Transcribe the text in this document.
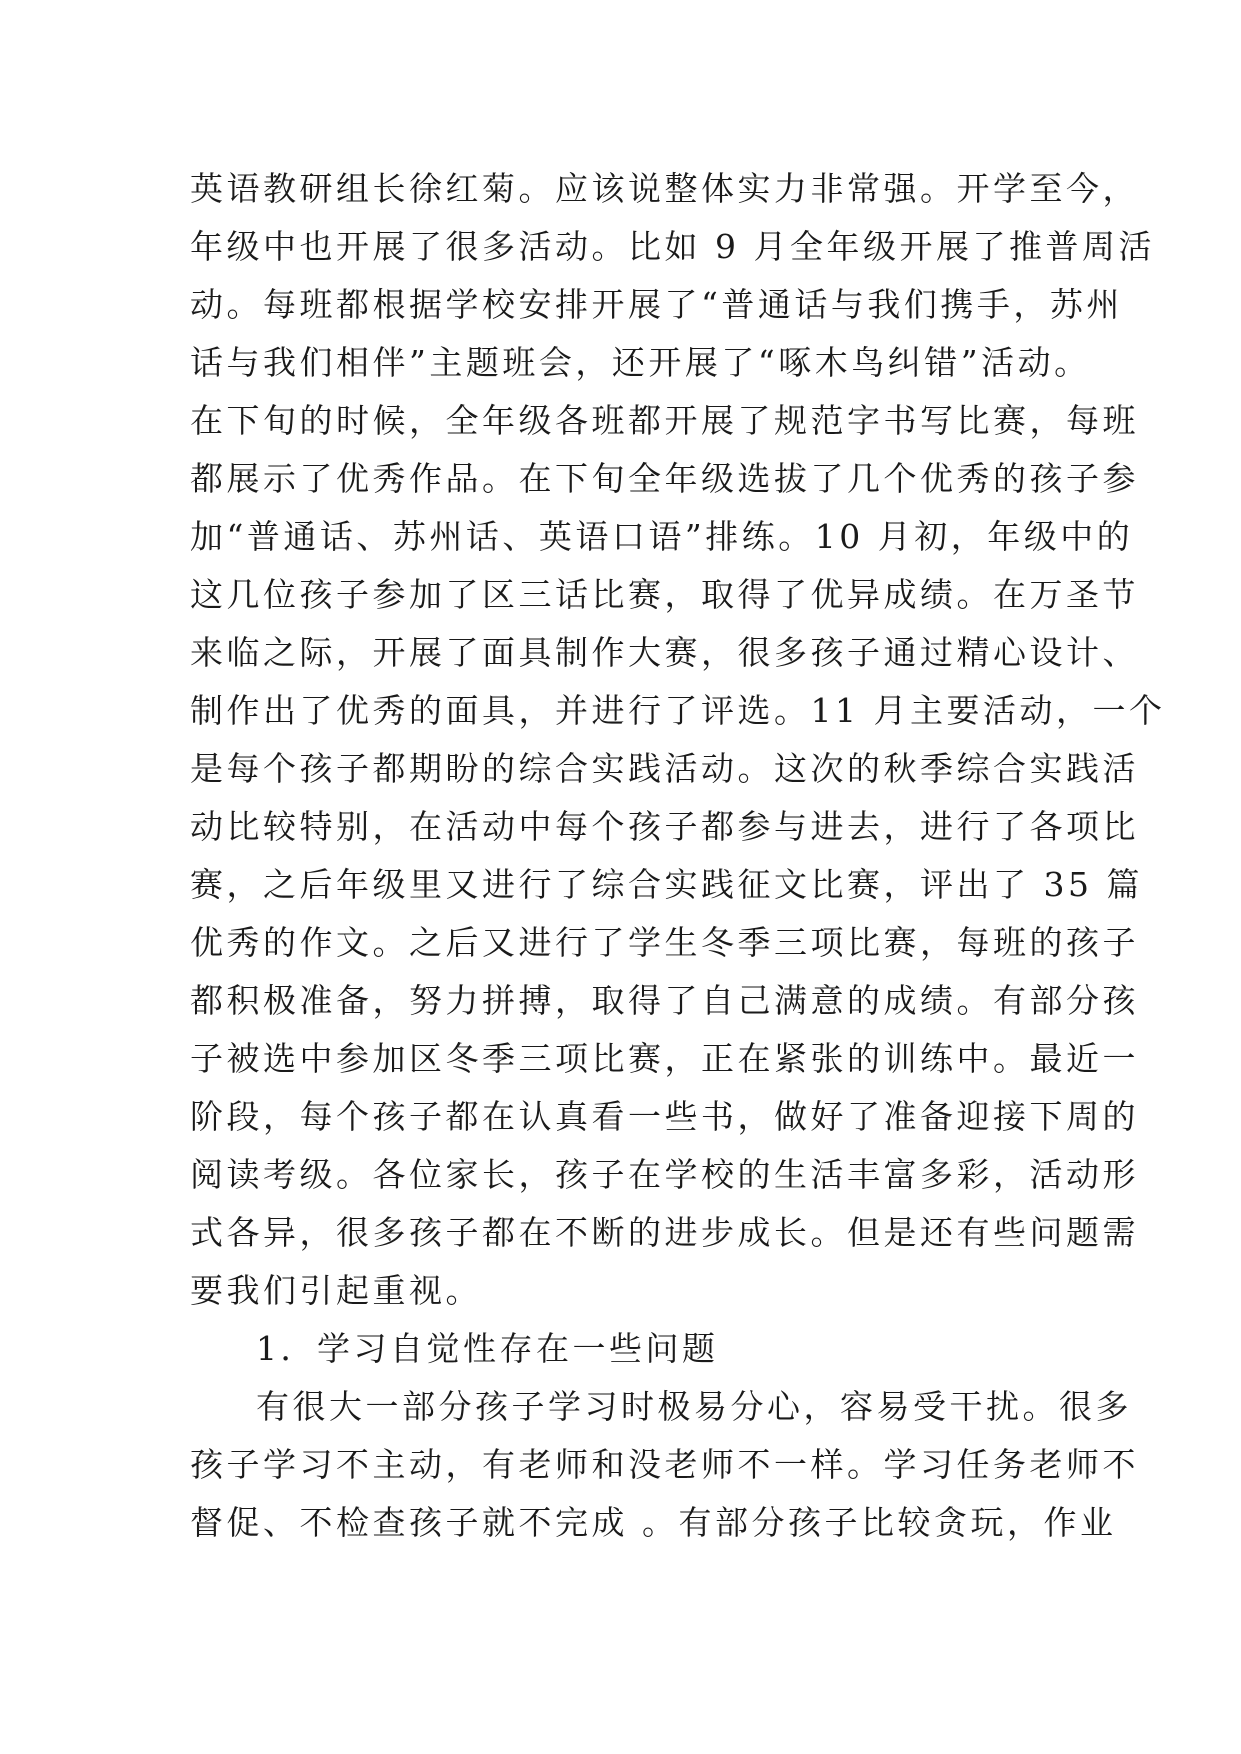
英语教研组长徐红菊。应该说整体实力非常强。开学至今，
年级中也开展了很多活动。比如 9 月全年级开展了推普周活
动。每班都根据学校安排开展了“普通话与我们携手，苏州
话与我们相伴”主题班会，还开展了“啄木鸟纠错”活动。
在下旬的时候，全年级各班都开展了规范字书写比赛，每班
都展示了优秀作品。在下旬全年级选拔了几个优秀的孩子参
加“普通话、苏州话、英语口语”排练。10 月初，年级中的
这几位孩子参加了区三话比赛，取得了优异成绩。在万圣节
来临之际，开展了面具制作大赛，很多孩子通过精心设计、
制作出了优秀的面具，并进行了评选。11 月主要活动，一个
是每个孩子都期盼的综合实践活动。这次的秋季综合实践活
动比较特别，在活动中每个孩子都参与进去，进行了各项比
赛，之后年级里又进行了综合实践征文比赛，评出了 35 篇
优秀的作文。之后又进行了学生冬季三项比赛，每班的孩子
都积极准备，努力拼搏，取得了自己满意的成绩。有部分孩
子被选中参加区冬季三项比赛，正在紧张的训练中。最近一
阶段，每个孩子都在认真看一些书，做好了准备迎接下周的
阅读考级。各位家长，孩子在学校的生活丰富多彩，活动形
式各异，很多孩子都在不断的进步成长。但是还有些问题需
要我们引起重视。
1．学习自觉性存在一些问题
有很大一部分孩子学习时极易分心，容易受干扰。很多
孩子学习不主动，有老师和没老师不一样。学习任务老师不
督促、不检查孩子就不完成 。有部分孩子比较贪玩，作业
